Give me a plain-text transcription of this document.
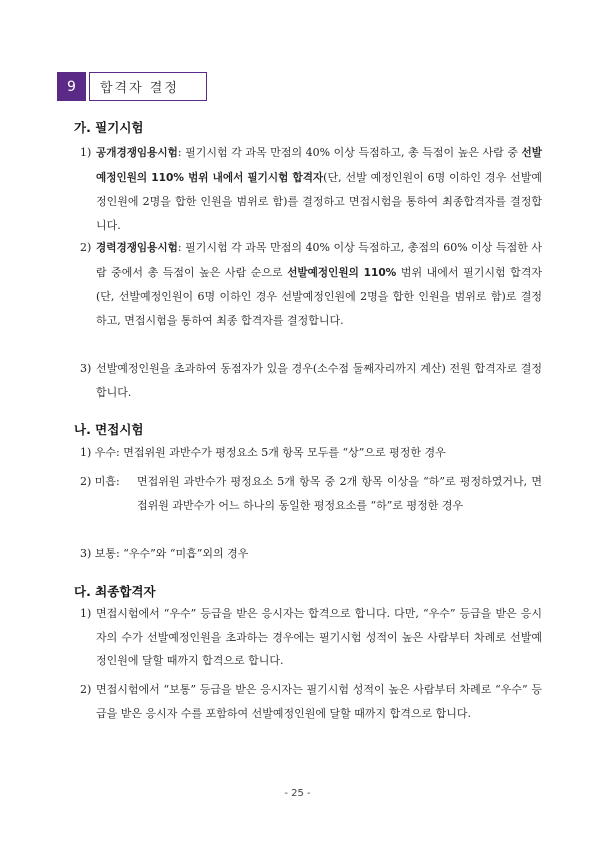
9	합격자 결정
가. 필기시험
1) 공개경쟁임용시험: 필기시험 각 과목 만점의 40% 이상 득점하고, 총 득점이 높은 사람 중 선발예정인원의 110% 범위 내에서 필기시험 합격자(단, 선발 예정인원이 6명 이하인 경우 선발예정인원에 2명을 합한 인원을 범위로 함)를 결정하고 면접시험을 통하여 최종합격자를 결정합니다.
2) 경력경쟁임용시험: 필기시험 각 과목 만점의 40% 이상 득점하고, 총점의 60% 이상 득점한 사람 중에서 총 득점이 높은 사람 순으로 선발예정인원의 110% 범위 내에서 필기시험 합격자(단, 선발예정인원이 6명 이하인 경우 선발예정인원에 2명을 합한 인원을 범위로 함)로 결정하고, 면접시험을 통하여 최종 합격자를 결정합니다.
3) 선발예정인원을 초과하여 동점자가 있을 경우(소수점 둘째자리까지 계산) 전원 합격자로 결정합니다.
나. 면접시험
1) 우수: 면접위원 과반수가 평정요소 5개 항목 모두를 “상”으로 평정한 경우
2) 미흡: 면접위원 과반수가 평정요소 5개 항목 중 2개 항목 이상을 “하”로 평정하였거나, 면접위원 과반수가 어느 하나의 동일한 평정요소를 “하”로 평정한 경우
3) 보통: “우수”와 “미흡”외의 경우
다. 최종합격자
1) 면접시험에서 “우수” 등급을 받은 응시자는 합격으로 합니다. 다만, “우수” 등급을 받은 응시자의 수가 선발예정인원을 초과하는 경우에는 필기시험 성적이 높은 사람부터 차례로 선발예정인원에 달할 때까지 합격으로 합니다.
2) 면접시험에서 “보통” 등급을 받은 응시자는 필기시험 성적이 높은 사람부터 차례로 “우수” 등급을 받은 응시자 수를 포함하여 선발예정인원에 달할 때까지 합격으로 합니다.
- 25 -
